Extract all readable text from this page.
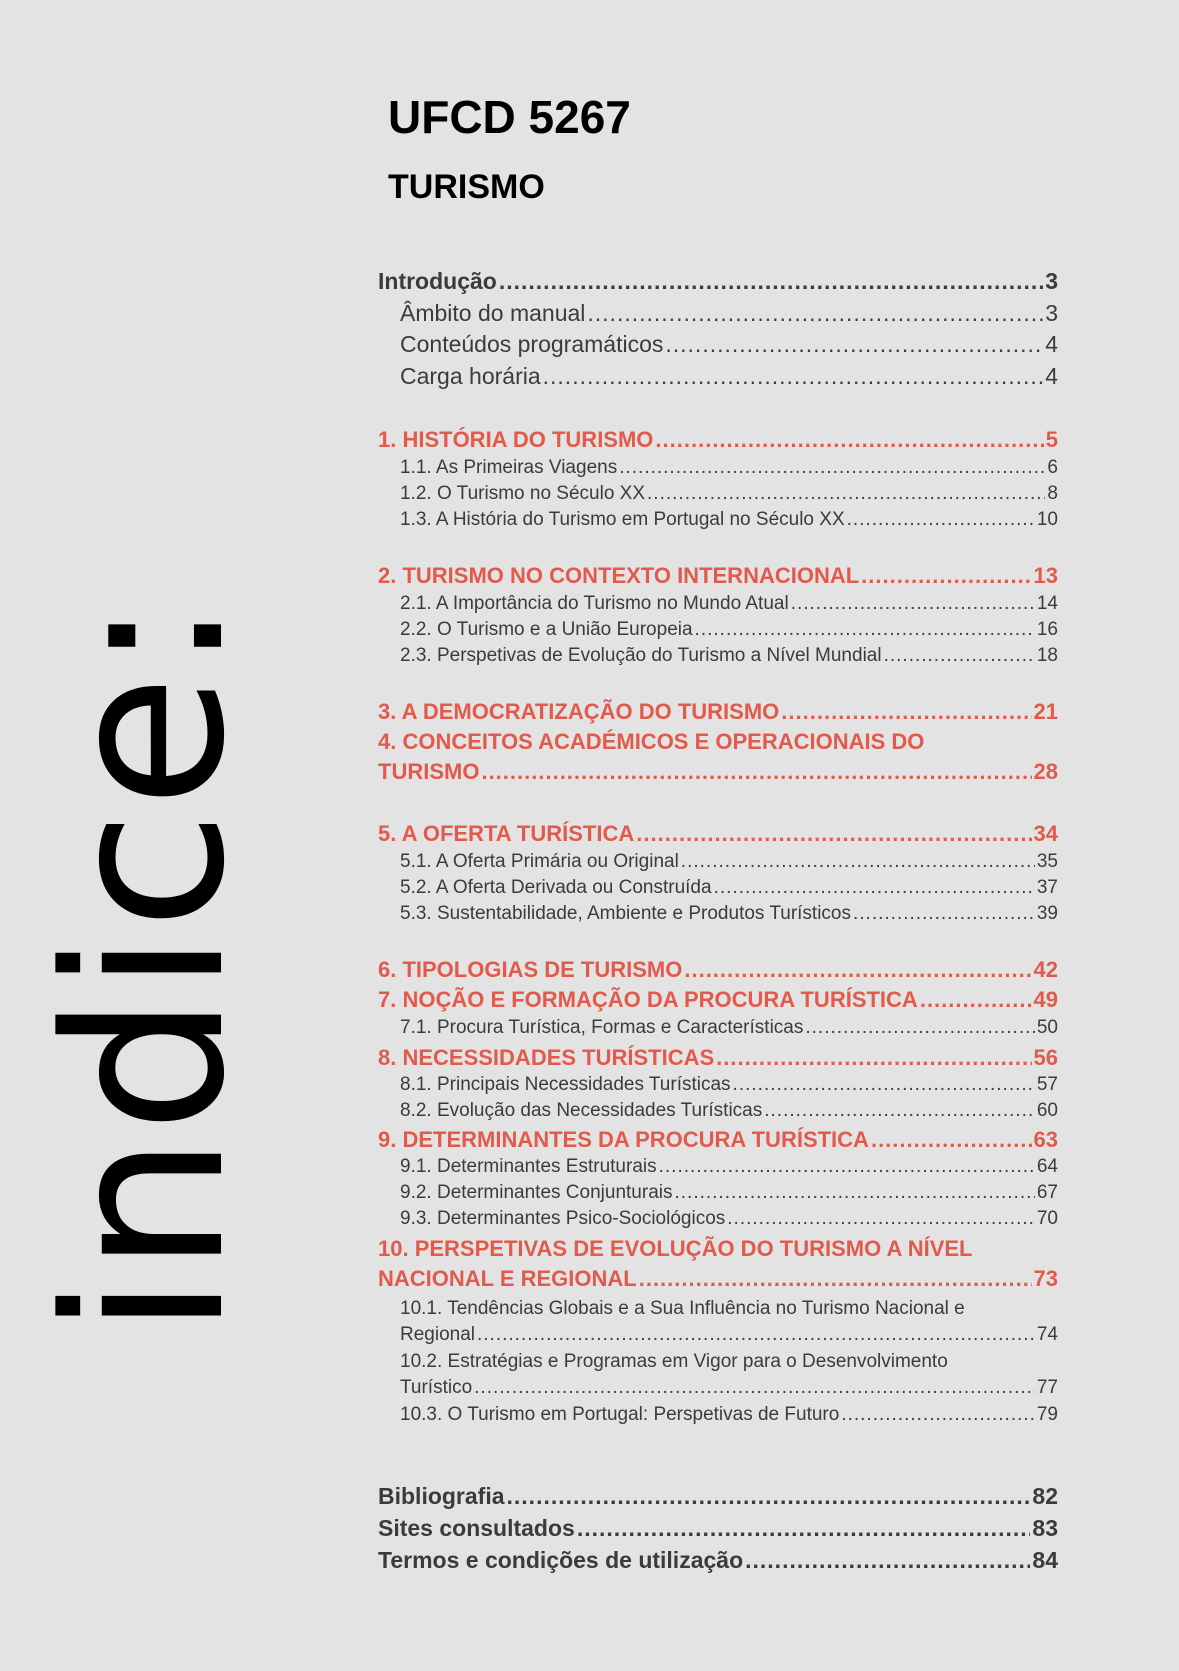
indice:
UFCD 5267
TURISMO
Introdução .....	3
Âmbito do manual .....	3
Conteúdos programáticos .....	4
Carga horária .....	4
1. HISTÓRIA DO TURISMO .....	5
1.1. As Primeiras Viagens .....	6
1.2. O Turismo no Século XX .....	8
1.3. A História do Turismo em Portugal no Século XX .....	10
2. TURISMO NO CONTEXTO INTERNACIONAL .....	13
2.1. A Importância do Turismo no Mundo Atual .....	14
2.2. O Turismo e a União Europeia .....	16
2.3. Perspetivas de Evolução do Turismo a Nível Mundial .....	18
3. A DEMOCRATIZAÇÃO DO TURISMO .....	21
4. CONCEITOS ACADÉMICOS E OPERACIONAIS DO
TURISMO .....	28
5. A OFERTA TURÍSTICA .....	34
5.1. A Oferta Primária ou Original .....	35
5.2. A Oferta Derivada ou Construída .....	37
5.3. Sustentabilidade, Ambiente e Produtos Turísticos .....	39
6. TIPOLOGIAS DE TURISMO .....	42
7. NOÇÃO E FORMAÇÃO DA PROCURA TURÍSTICA .....	49
7.1. Procura Turística, Formas e Características .....	50
8. NECESSIDADES TURÍSTICAS .....	56
8.1. Principais Necessidades Turísticas .....	57
8.2. Evolução das Necessidades Turísticas .....	60
9. DETERMINANTES DA PROCURA TURÍSTICA .....	63
9.1. Determinantes Estruturais .....	64
9.2. Determinantes Conjunturais .....	67
9.3. Determinantes Psico-Sociológicos .....	70
10. PERSPETIVAS DE EVOLUÇÃO DO TURISMO A NÍVEL
NACIONAL E REGIONAL .....	73
10.1. Tendências Globais e a Sua Influência no Turismo Nacional e
Regional .....	74
10.2. Estratégias e Programas em Vigor para o Desenvolvimento
Turístico .....	77
10.3. O Turismo em Portugal: Perspetivas de Futuro .....	79
Bibliografia .....	82
Sites consultados .....	83
Termos e condições de utilização .....	84
